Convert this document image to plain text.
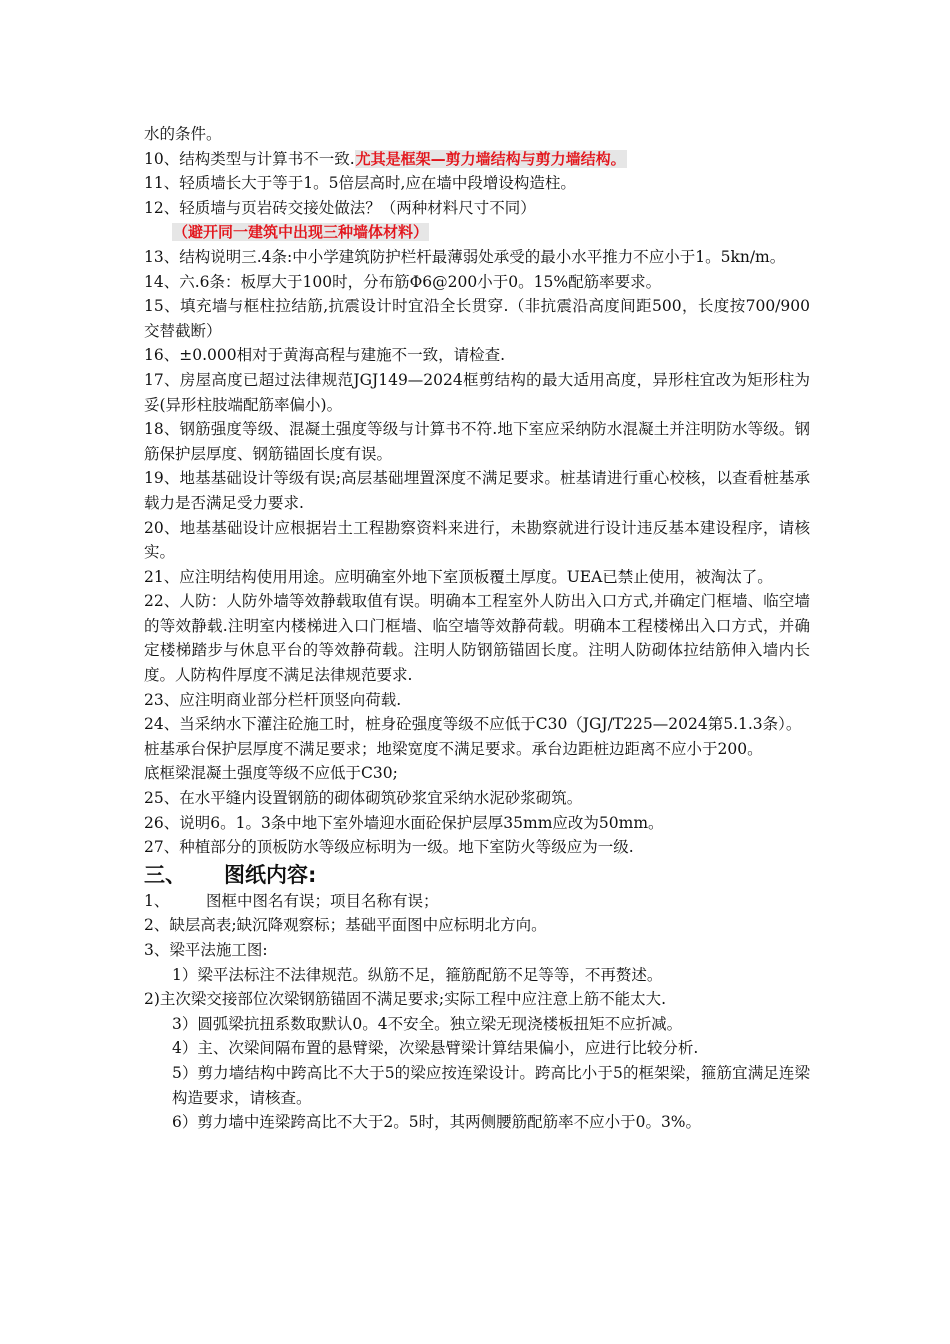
水的条件。

10、结构类型与计算书不一致.尤其是框架—剪力墙结构与剪力墙结构。

11、轻质墙长大于等于1。5倍层高时,应在墙中段增设构造柱。

12、轻质墙与页岩砖交接处做法？（两种材料尺寸不同）

（避开同一建筑中出现三种墙体材料）

13、结构说明三.4条:中小学建筑防护栏杆最薄弱处承受的最小水平推力不应小于1。5kn/m。

14、六.6条：板厚大于100时，分布筋Φ6@200小于0。15%配筋率要求。

15、填充墙与框柱拉结筋,抗震设计时宜沿全长贯穿.（非抗震沿高度间距500，长度按700/900交替截断）

16、±0.000相对于黄海高程与建施不一致，请检查.

17、房屋高度已超过法律规范JGJ149—2024框剪结构的最大适用高度，异形柱宜改为矩形柱为妥(异形柱肢端配筋率偏小)。

18、钢筋强度等级、混凝土强度等级与计算书不符.地下室应采纳防水混凝土并注明防水等级。钢筋保护层厚度、钢筋锚固长度有误。

19、地基基础设计等级有误;高层基础埋置深度不满足要求。桩基请进行重心校核，以查看桩基承载力是否满足受力要求.

20、地基基础设计应根据岩土工程勘察资料来进行，未勘察就进行设计违反基本建设程序，请核实。

21、应注明结构使用用途。应明确室外地下室顶板覆土厚度。UEA已禁止使用，被淘汰了。

22、人防：人防外墙等效静载取值有误。明确本工程室外人防出入口方式,并确定门框墙、临空墙的等效静载.注明室内楼梯进入口门框墙、临空墙等效静荷载。明确本工程楼梯出入口方式，并确定楼梯踏步与休息平台的等效静荷载。注明人防钢筋锚固长度。注明人防砌体拉结筋伸入墙内长度。人防构件厚度不满足法律规范要求.

23、应注明商业部分栏杆顶竖向荷载.

24、当采纳水下灌注砼施工时，桩身砼强度等级不应低于C30（JGJ/T225—2024第5.1.3条）。

桩基承台保护层厚度不满足要求；地梁宽度不满足要求。承台边距桩边距离不应小于200。

底框梁混凝土强度等级不应低于C30;

25、在水平缝内设置钢筋的砌体砌筑砂浆宜采纳水泥砂浆砌筑。

26、说明6。1。3条中地下室外墙迎水面砼保护层厚35mm应改为50mm。

27、种植部分的顶板防水等级应标明为一级。地下室防火等级应为一级.

三、 图纸内容:

1、 图框中图名有误；项目名称有误；

2、缺层高表;缺沉降观察标；基础平面图中应标明北方向。

3、梁平法施工图:

1）梁平法标注不法律规范。纵筋不足，箍筋配筋不足等等，不再赘述。

2)主次梁交接部位次梁钢筋锚固不满足要求;实际工程中应注意上筋不能太大.

3）圆弧梁抗扭系数取默认0。4不安全。独立梁无现浇楼板扭矩不应折减。

4）主、次梁间隔布置的悬臂梁，次梁悬臂梁计算结果偏小，应进行比较分析.

5）剪力墙结构中跨高比不大于5的梁应按连梁设计。跨高比小于5的框架梁，箍筋宜满足连梁构造要求，请核查。

6）剪力墙中连梁跨高比不大于2。5时，其两侧腰筋配筋率不应小于0。3%。
